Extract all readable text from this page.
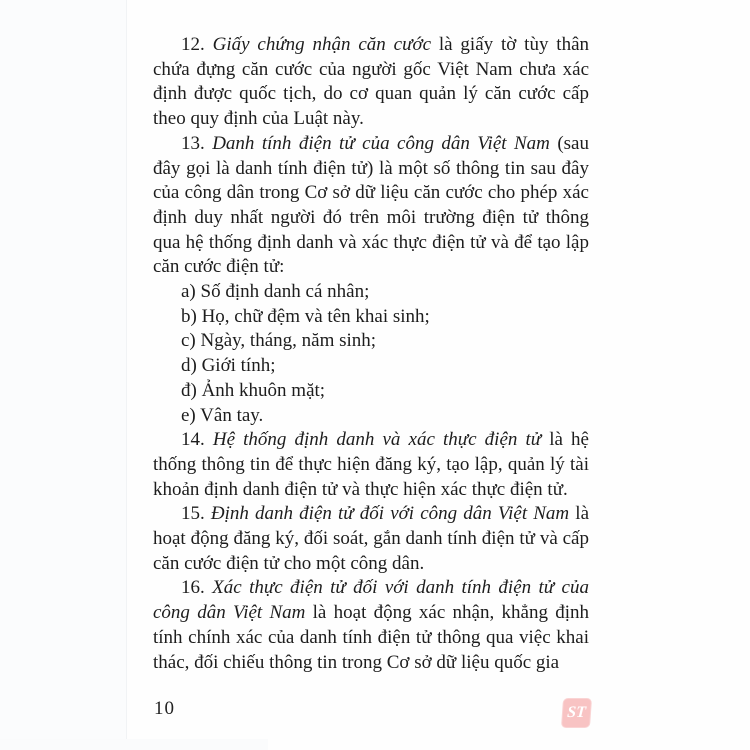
12. Giấy chứng nhận căn cước là giấy tờ tùy thân chứa đựng căn cước của người gốc Việt Nam chưa xác định được quốc tịch, do cơ quan quản lý căn cước cấp theo quy định của Luật này.

13. Danh tính điện tử của công dân Việt Nam (sau đây gọi là danh tính điện tử) là một số thông tin sau đây của công dân trong Cơ sở dữ liệu căn cước cho phép xác định duy nhất người đó trên môi trường điện tử thông qua hệ thống định danh và xác thực điện tử và để tạo lập căn cước điện tử:

a) Số định danh cá nhân;

b) Họ, chữ đệm và tên khai sinh;

c) Ngày, tháng, năm sinh;

d) Giới tính;

đ) Ảnh khuôn mặt;

e) Vân tay.

14. Hệ thống định danh và xác thực điện tử là hệ thống thông tin để thực hiện đăng ký, tạo lập, quản lý tài khoản định danh điện tử và thực hiện xác thực điện tử.

15. Định danh điện tử đối với công dân Việt Nam là hoạt động đăng ký, đối soát, gắn danh tính điện tử và cấp căn cước điện tử cho một công dân.

16. Xác thực điện tử đối với danh tính điện tử của công dân Việt Nam là hoạt động xác nhận, khẳng định tính chính xác của danh tính điện tử thông qua việc khai thác, đối chiếu thông tin trong Cơ sở dữ liệu quốc gia

10	ST
